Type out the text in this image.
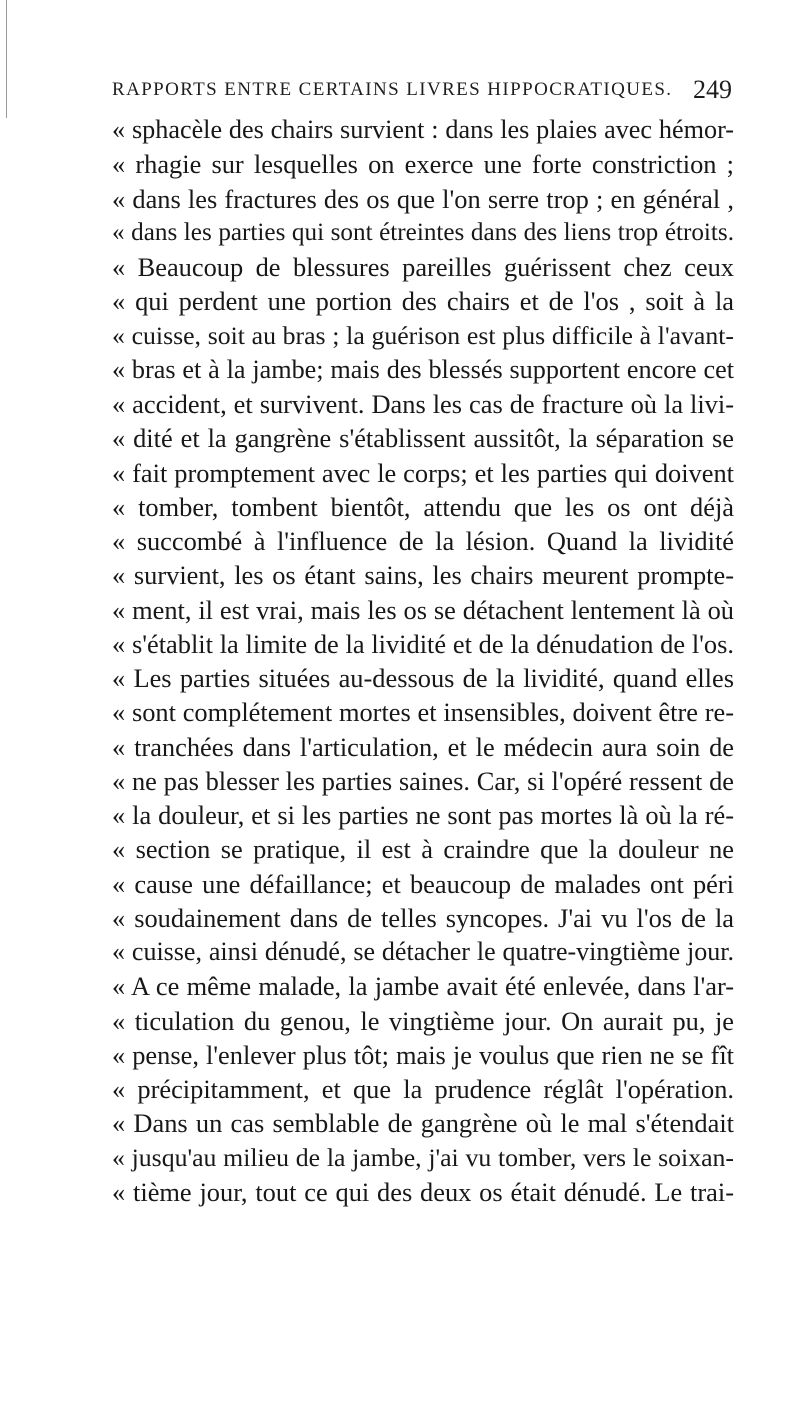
RAPPORTS ENTRE CERTAINS LIVRES HIPPOCRATIQUES. 249
« sphacèle des chairs survient : dans les plaies avec hémor-
« rhagie sur lesquelles on exerce une forte constriction ;
« dans les fractures des os que l'on serre trop ; en général ,
« dans les parties qui sont étreintes dans des liens trop étroits.
« Beaucoup de blessures pareilles guérissent chez ceux
« qui perdent une portion des chairs et de l'os , soit à la
« cuisse, soit au bras ; la guérison est plus difficile à l'avant-
« bras et à la jambe; mais des blessés supportent encore cet
« accident, et survivent. Dans les cas de fracture où la livi-
« dité et la gangrène s'établissent aussitôt, la séparation se
« fait promptement avec le corps; et les parties qui doivent
« tomber, tombent bientôt, attendu que les os ont déjà
« succombé à l'influence de la lésion. Quand la lividité
« survient, les os étant sains, les chairs meurent prompte-
« ment, il est vrai, mais les os se détachent lentement là où
« s'établit la limite de la lividité et de la dénudation de l'os.
« Les parties situées au-dessous de la lividité, quand elles
« sont complétement mortes et insensibles, doivent être re-
« tranchées dans l'articulation, et le médecin aura soin de
« ne pas blesser les parties saines. Car, si l'opéré ressent de
« la douleur, et si les parties ne sont pas mortes là où la ré-
« section se pratique, il est à craindre que la douleur ne
« cause une défaillance; et beaucoup de malades ont péri
« soudainement dans de telles syncopes. J'ai vu l'os de la
« cuisse, ainsi dénudé, se détacher le quatre-vingtième jour.
« A ce même malade, la jambe avait été enlevée, dans l'ar-
« ticulation du genou, le vingtième jour. On aurait pu, je
« pense, l'enlever plus tôt; mais je voulus que rien ne se fît
« précipitamment, et que la prudence réglât l'opération.
« Dans un cas semblable de gangrène où le mal s'étendait
« jusqu'au milieu de la jambe, j'ai vu tomber, vers le soixan-
« tième jour, tout ce qui des deux os était dénudé. Le trai-
